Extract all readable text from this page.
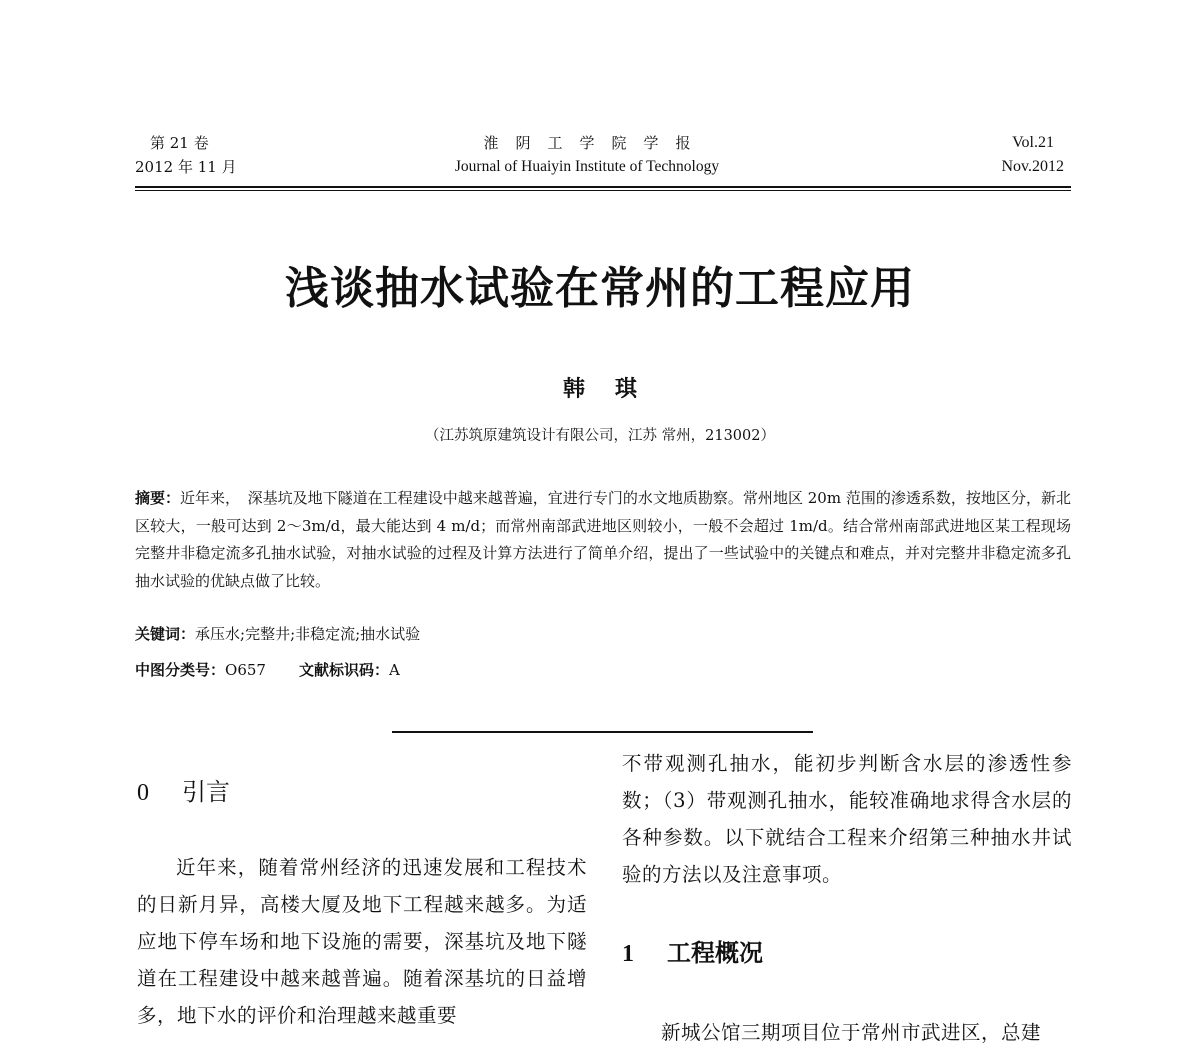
第 21 卷
2012 年 11 月
淮阴工学院学报
Journal of Huaiyin Institute of Technology
Vol.21
Nov.2012
浅谈抽水试验在常州的工程应用
韩琪
（江苏筑原建筑设计有限公司，江苏 常州，213002）
摘要：近年来，　深基坑及地下隧道在工程建设中越来越普遍，宜进行专门的水文地质勘察。常州地区 20m 范围的渗透系数，按地区分，新北区较大，一般可达到 2～3m/d，最大能达到 4 m/d；而常州南部武进地区则较小，一般不会超过 1m/d。结合常州南部武进地区某工程现场完整井非稳定流多孔抽水试验，对抽水试验的过程及计算方法进行了简单介绍，提出了一些试验中的关键点和难点，并对完整井非稳定流多孔抽水试验的优缺点做了比较。
关键词：承压水;完整井;非稳定流;抽水试验
中图分类号：O657 文献标识码：A
0 引言

近年来，随着常州经济的迅速发展和工程技术的日新月异，高楼大厦及地下工程越来越多。为适应地下停车场和地下设施的需要，深基坑及地下隧道在工程建设中越来越普遍。随着深基坑的日益增多，地下水的评价和治理越来越重要

不带观测孔抽水，能初步判断含水层的渗透性参数；（3）带观测孔抽水，能较准确地求得含水层的各种参数。以下就结合工程来介绍第三种抽水井试验的方法以及注意事项。

1 工程概况

新城公馆三期项目位于常州市武进区，总建
